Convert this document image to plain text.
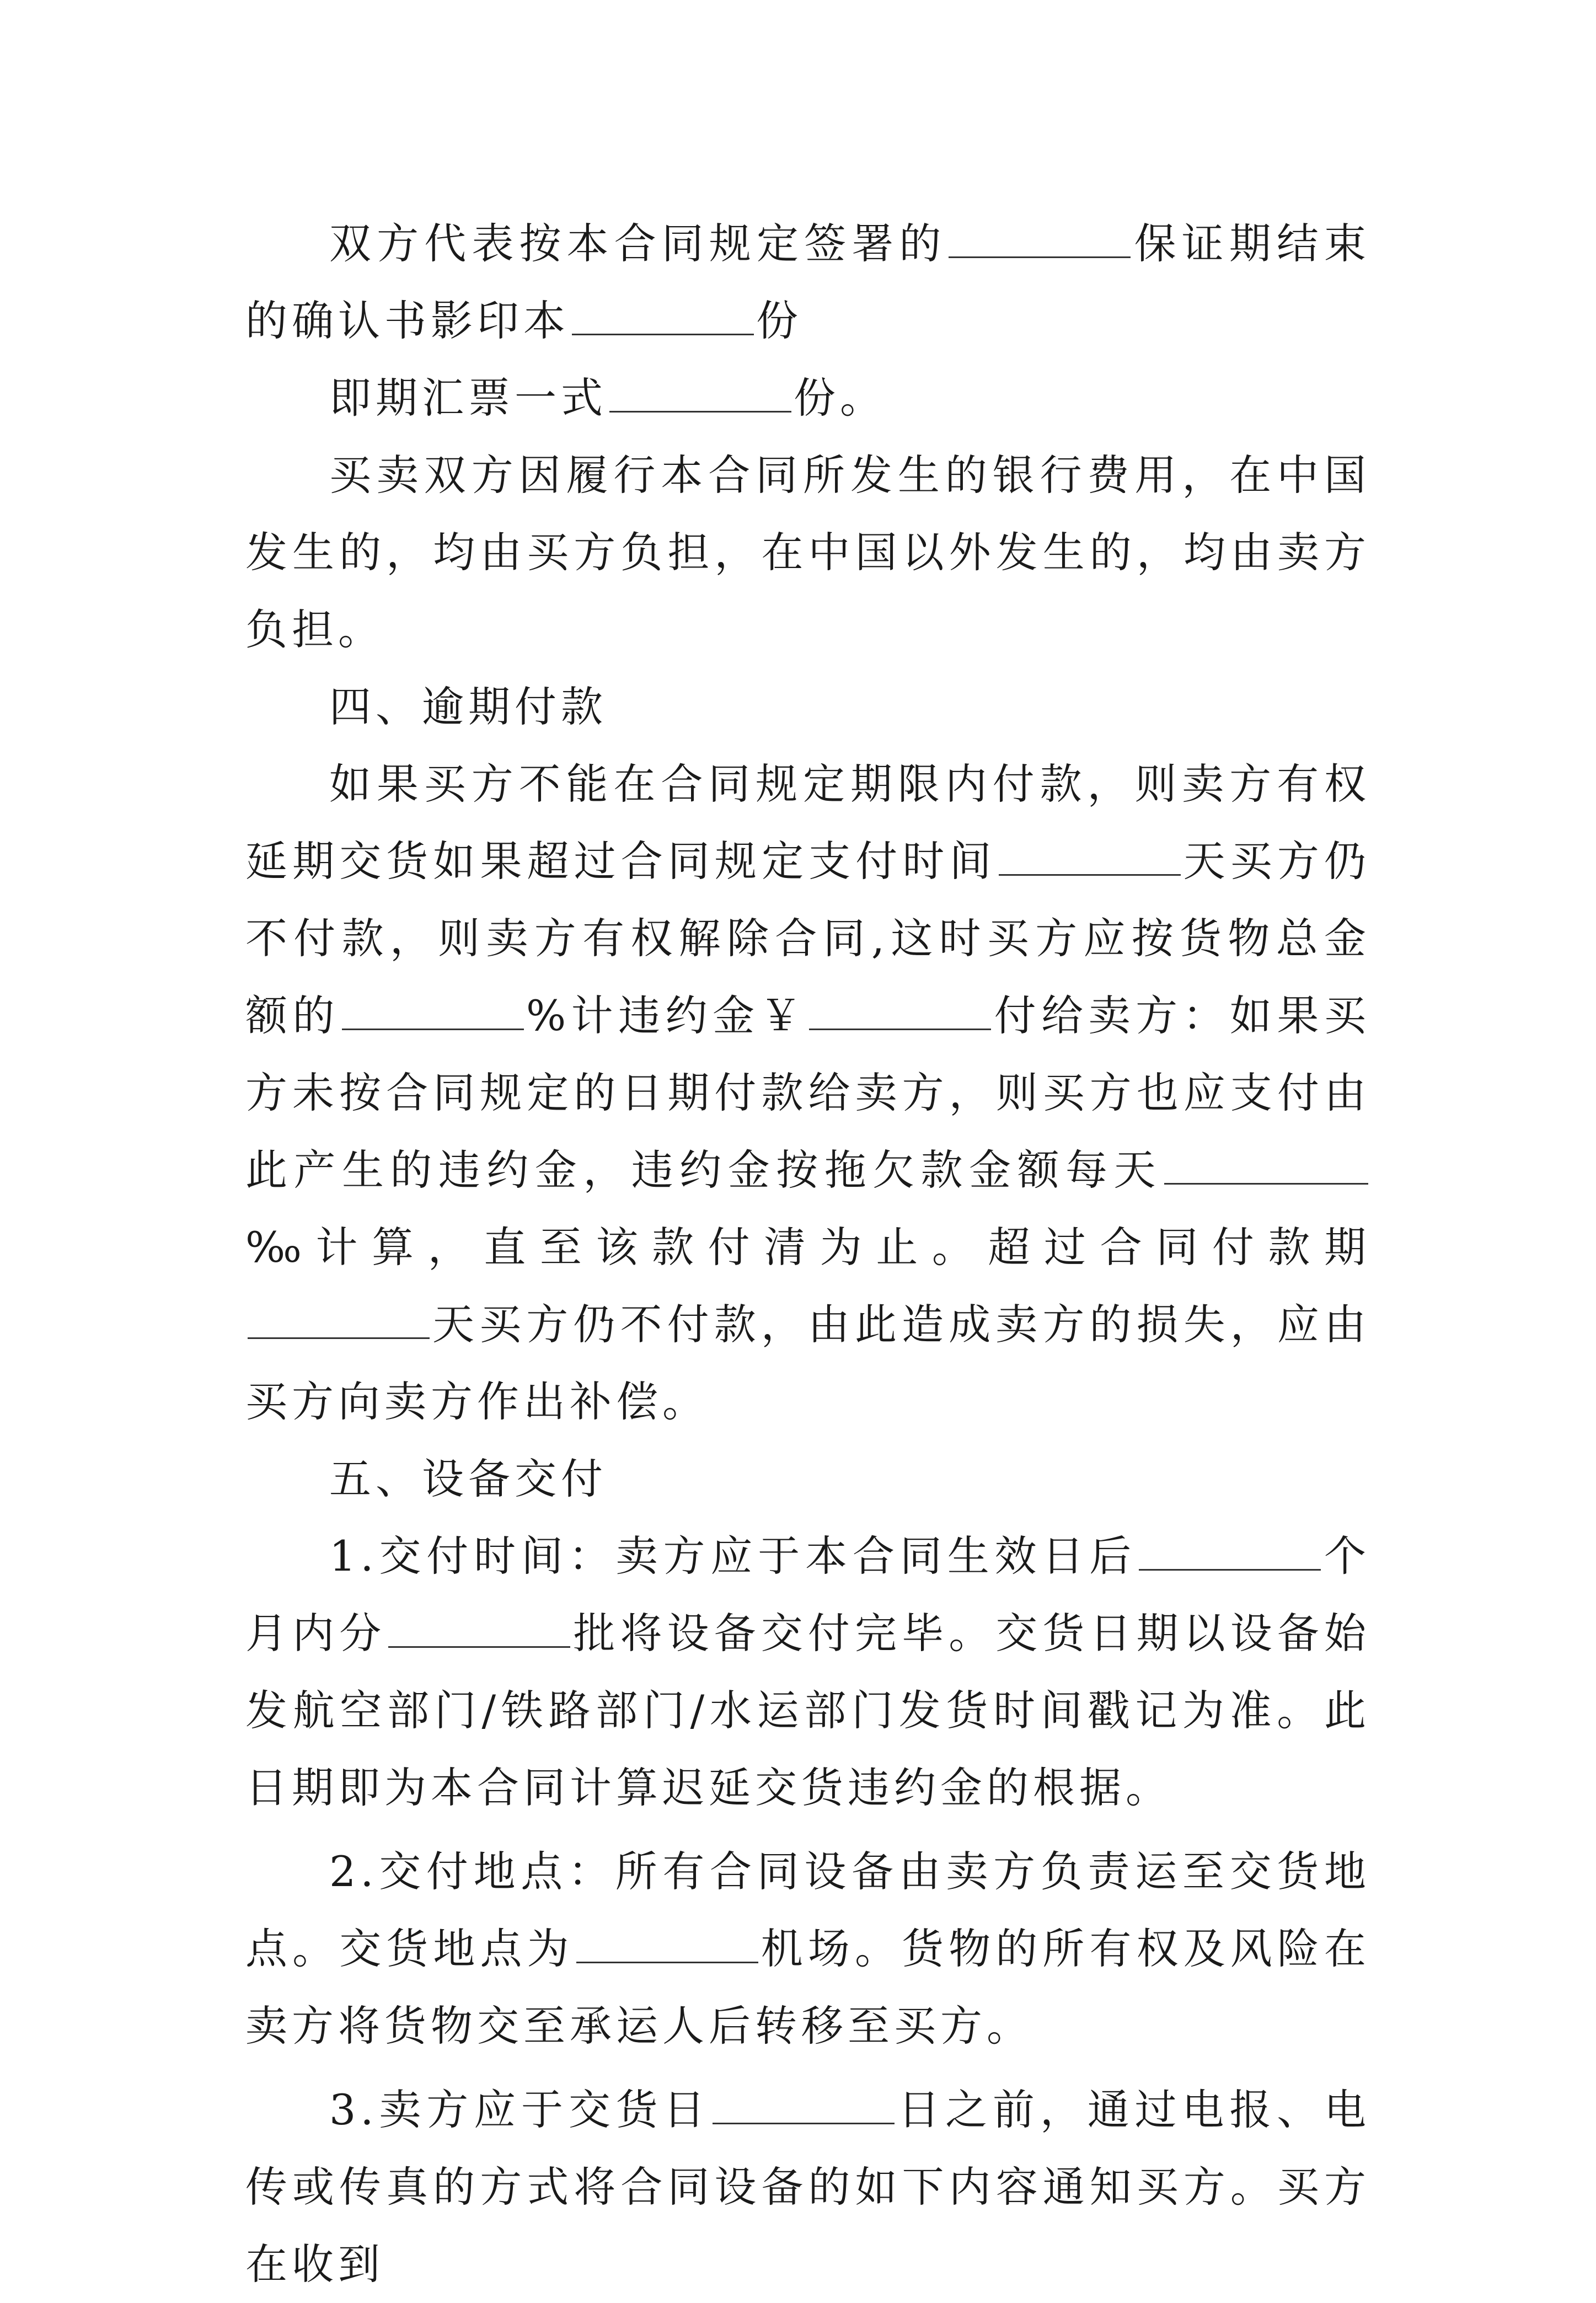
双方代表按本合同规定签署的	保证期结束的确认书影印本	份

即期汇票一式	份。

买卖双方因履行本合同所发生的银行费用，在中国发生的，均由买方负担，在中国以外发生的，均由卖方负担。

四、逾期付款

如果买方不能在合同规定期限内付款，则卖方有权延期交货如果超过合同规定支付时间	天买方仍不付款，则卖方有权解除合同,这时买方应按货物总金额的	%计违约金￥	付给卖方：如果买方未按合同规定的日期付款给卖方，则买方也应支付由此产生的违约金，违约金按拖欠款金额每天‰计算，直至该款付清为止。超过合同付款期天买方仍不付款，由此造成卖方的损失，应由买方向卖方作出补偿。

五、设备交付

1.交付时间：卖方应于本合同生效日后	个月内分	批将设备交付完毕。交货日期以设备始发航空部门/铁路部门/水运部门发货时间戳记为准。此日期即为本合同计算迟延交货违约金的根据。

2.交付地点：所有合同设备由卖方负责运至交货地点。交货地点为	机场。货物的所有权及风险在卖方将货物交至承运人后转移至买方。

3.卖方应于交货日	日之前，通过电报、电传或传真的方式将合同设备的如下内容通知买方。买方在收到
